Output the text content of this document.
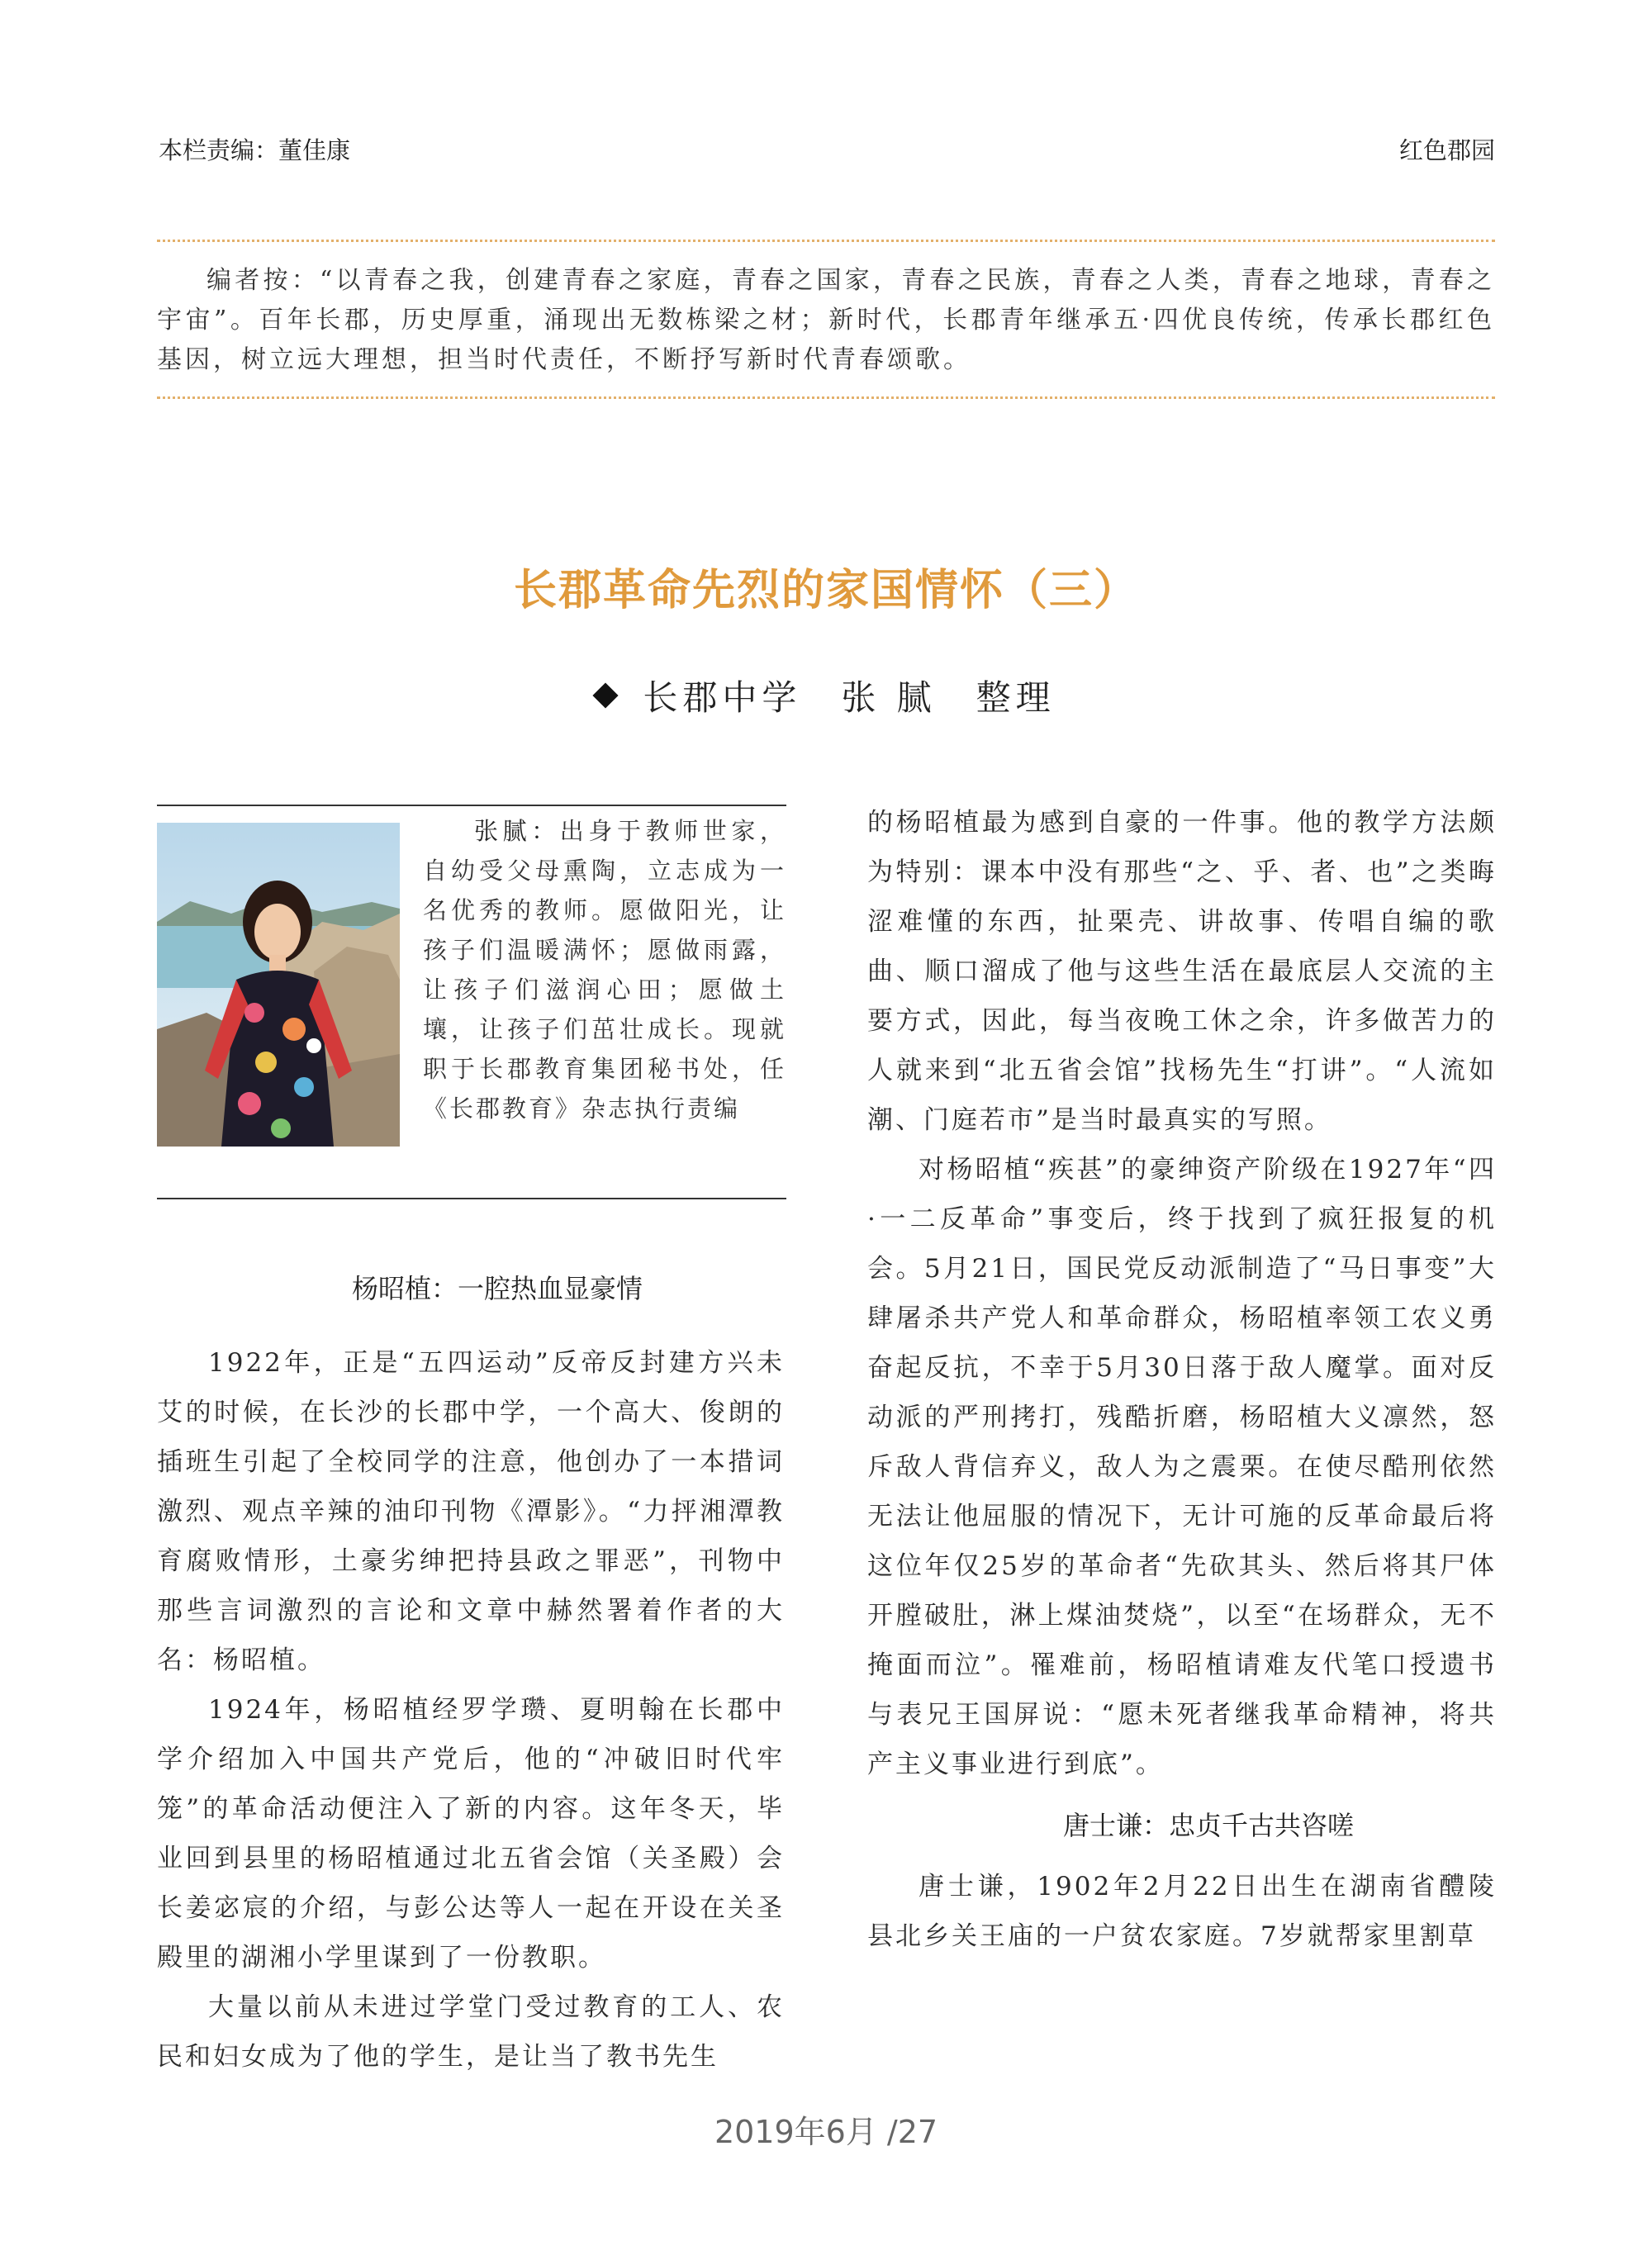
本栏责编：董佳康	红色郡园
编者按：“以青春之我，创建青春之家庭，青春之国家，青春之民族，青春之人类，青春之地球，青春之宇宙”。百年长郡，历史厚重，涌现出无数栋梁之材；新时代，长郡青年继承五·四优良传统，传承长郡红色基因，树立远大理想，担当时代责任，不断抒写新时代青春颂歌。
长郡革命先烈的家国情怀（三）
长郡中学　张 腻　整理
张腻：出身于教师世家，自幼受父母熏陶，立志成为一名优秀的教师。愿做阳光，让孩子们温暖满怀；愿做雨露，让孩子们滋润心田；愿做土壤，让孩子们茁壮成长。现就职于长郡教育集团秘书处，任《长郡教育》杂志执行责编

杨昭植：一腔热血显豪情

1922年，正是“五四运动”反帝反封建方兴未艾的时候，在长沙的长郡中学，一个高大、俊朗的插班生引起了全校同学的注意，他创办了一本措词激烈、观点辛辣的油印刊物《潭影》。“力抨湘潭教育腐败情形，土豪劣绅把持县政之罪恶”，刊物中那些言词激烈的言论和文章中赫然署着作者的大名：杨昭植。

1924年，杨昭植经罗学瓒、夏明翰在长郡中学介绍加入中国共产党后，他的“冲破旧时代牢笼”的革命活动便注入了新的内容。这年冬天，毕业回到县里的杨昭植通过北五省会馆（关圣殿）会长姜宓宸的介绍，与彭公达等人一起在开设在关圣殿里的湖湘小学里谋到了一份教职。

大量以前从未进过学堂门受过教育的工人、农民和妇女成为了他的学生，是让当了教书先生

的杨昭植最为感到自豪的一件事。他的教学方法颇为特别：课本中没有那些“之、乎、者、也”之类晦涩难懂的东西，扯栗壳、讲故事、传唱自编的歌曲、顺口溜成了他与这些生活在最底层人交流的主要方式，因此，每当夜晚工休之余，许多做苦力的人就来到“北五省会馆”找杨先生“打讲”。“人流如潮、门庭若市”是当时最真实的写照。

对杨昭植“疾甚”的豪绅资产阶级在1927年“四·一二反革命”事变后，终于找到了疯狂报复的机会。5月21日，国民党反动派制造了“马日事变”大肆屠杀共产党人和革命群众，杨昭植率领工农义勇奋起反抗，不幸于5月30日落于敌人魔掌。面对反动派的严刑拷打，残酷折磨，杨昭植大义凛然，怒斥敌人背信弃义，敌人为之震栗。在使尽酷刑依然无法让他屈服的情况下，无计可施的反革命最后将这位年仅25岁的革命者“先砍其头、然后将其尸体开膛破肚，淋上煤油焚烧”，以至“在场群众，无不掩面而泣”。罹难前，杨昭植请难友代笔口授遗书与表兄王国屏说：“愿未死者继我革命精神，将共产主义事业进行到底”。

唐士谦：忠贞千古共咨嗟

唐士谦，1902年2月22日出生在湖南省醴陵县北乡关王庙的一户贫农家庭。7岁就帮家里割草

2019年6月 /27
